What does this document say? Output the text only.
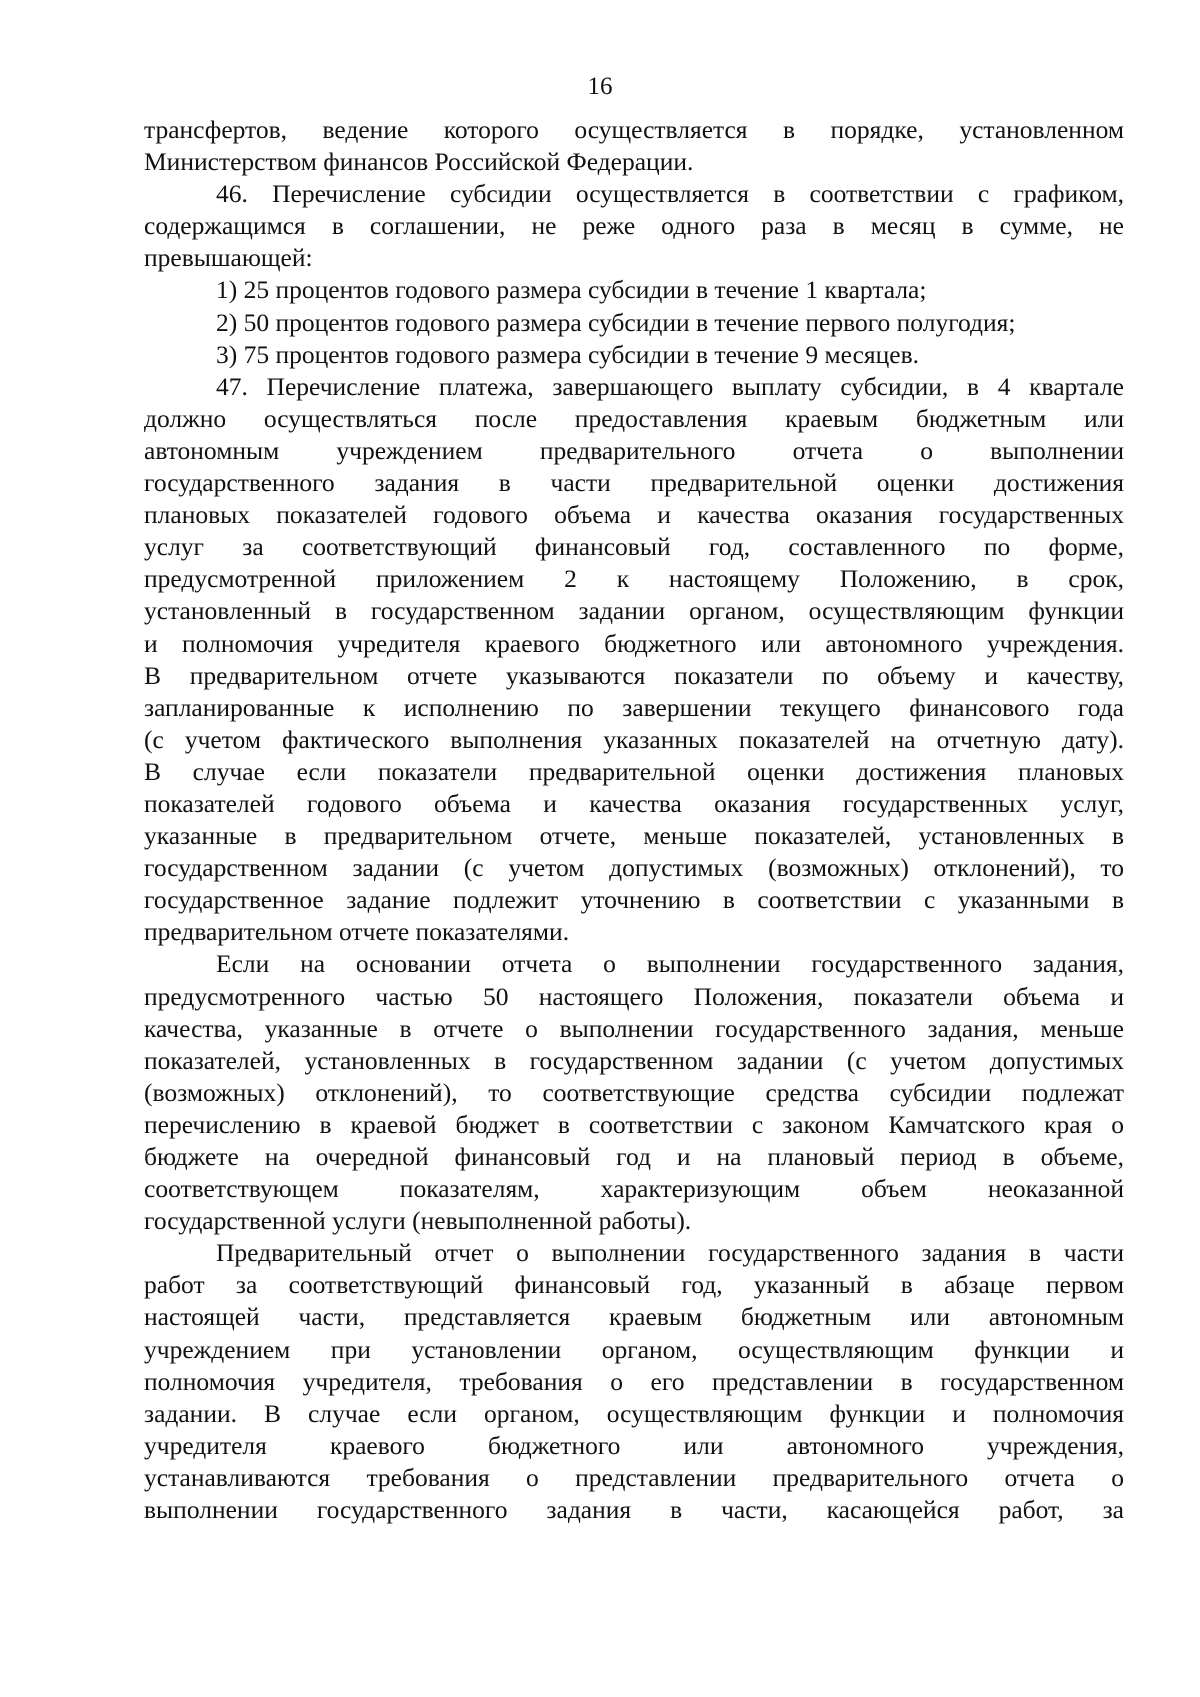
16
трансфертов, ведение которого осуществляется в порядке, установленном
Министерством финансов Российской Федерации.
46. Перечисление субсидии осуществляется в соответствии с графиком,
содержащимся в соглашении, не реже одного раза в месяц в сумме, не
превышающей:
1) 25 процентов годового размера субсидии в течение 1 квартала;
2) 50 процентов годового размера субсидии в течение первого полугодия;
3) 75 процентов годового размера субсидии в течение 9 месяцев.
47. Перечисление платежа, завершающего выплату субсидии, в 4 квартале
должно осуществляться после предоставления краевым бюджетным или
автономным учреждением предварительного отчета о выполнении
государственного задания в части предварительной оценки достижения
плановых показателей годового объема и качества оказания государственных
услуг за соответствующий финансовый год, составленного по форме,
предусмотренной приложением 2 к настоящему Положению, в срок,
установленный в государственном задании органом, осуществляющим функции
и полномочия учредителя краевого бюджетного или автономного учреждения.
В предварительном отчете указываются показатели по объему и качеству,
запланированные к исполнению по завершении текущего финансового года
(с учетом фактического выполнения указанных показателей на отчетную дату).
В случае если показатели предварительной оценки достижения плановых
показателей годового объема и качества оказания государственных услуг,
указанные в предварительном отчете, меньше показателей, установленных в
государственном задании (с учетом допустимых (возможных) отклонений), то
государственное задание подлежит уточнению в соответствии с указанными в
предварительном отчете показателями.
Если на основании отчета о выполнении государственного задания,
предусмотренного частью 50 настоящего Положения, показатели объема и
качества, указанные в отчете о выполнении государственного задания, меньше
показателей, установленных в государственном задании (с учетом допустимых
(возможных) отклонений), то соответствующие средства субсидии подлежат
перечислению в краевой бюджет в соответствии с законом Камчатского края о
бюджете на очередной финансовый год и на плановый период в объеме,
соответствующем показателям, характеризующим объем неоказанной
государственной услуги (невыполненной работы).
Предварительный отчет о выполнении государственного задания в части
работ за соответствующий финансовый год, указанный в абзаце первом
настоящей части, представляется краевым бюджетным или автономным
учреждением при установлении органом, осуществляющим функции и
полномочия учредителя, требования о его представлении в государственном
задании. В случае если органом, осуществляющим функции и полномочия
учредителя краевого бюджетного или автономного учреждения,
устанавливаются требования о представлении предварительного отчета о
выполнении государственного задания в части, касающейся работ, за
